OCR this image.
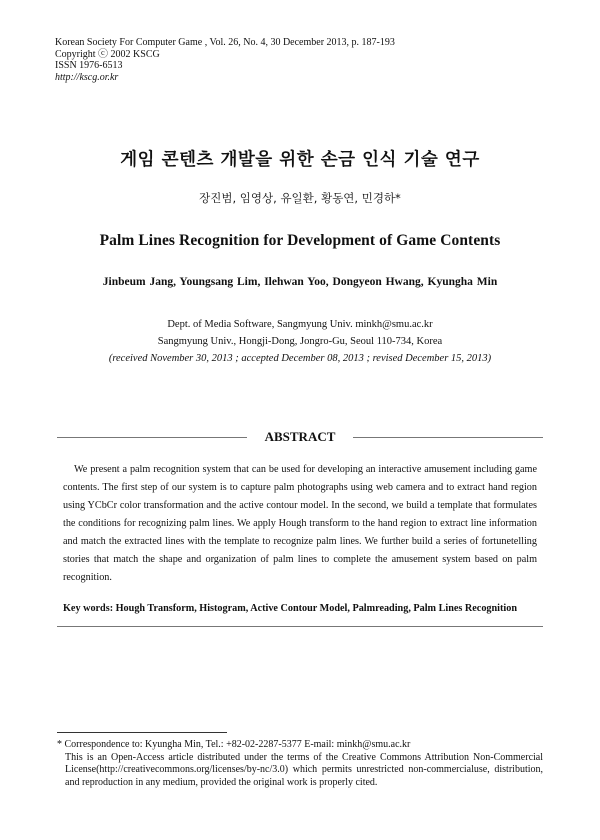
Korean Society For Computer Game , Vol. 26, No. 4, 30 December 2013, p. 187-193
Copyright ⓒ 2002 KSCG
ISSN 1976-6513
http://kscg.or.kr
게임 콘텐츠 개발을 위한 손금 인식 기술 연구
장진범, 임영상, 유일환, 황동연, 민경하*
Palm Lines Recognition for Development of Game Contents
Jinbeum Jang, Youngsang Lim, Ilehwan Yoo, Dongyeon Hwang, Kyungha Min
Dept. of Media Software, Sangmyung Univ. minkh@smu.ac.kr
Sangmyung Univ., Hongji-Dong, Jongro-Gu, Seoul 110-734, Korea
(received November 30, 2013 ; accepted December 08, 2013 ; revised December 15, 2013)
ABSTRACT

We present a palm recognition system that can be used for developing an interactive amusement including game contents. The first step of our system is to capture palm photographs using web camera and to extract hand region using YCbCr color transformation and the active contour model. In the second, we build a template that formulates the conditions for recognizing palm lines. We apply Hough transform to the hand region to extract line information and match the extracted lines with the template to recognize palm lines. We further build a series of fortunetelling stories that match the shape and organization of palm lines to complete the amusement system based on palm recognition.

Key words: Hough Transform, Histogram, Active Contour Model, Palmreading, Palm Lines Recognition

* Correspondence to: Kyungha Min, Tel.: +82-02-2287-5377 E-mail: minkh@smu.ac.kr
This is an Open-Access article distributed under the terms of the Creative Commons Attribution Non-Commercial License(http://creativecommons.org/licenses/by-nc/3.0) which permits unrestricted non-commercialuse, distribution, and reproduction in any medium, provided the original work is properly cited.
